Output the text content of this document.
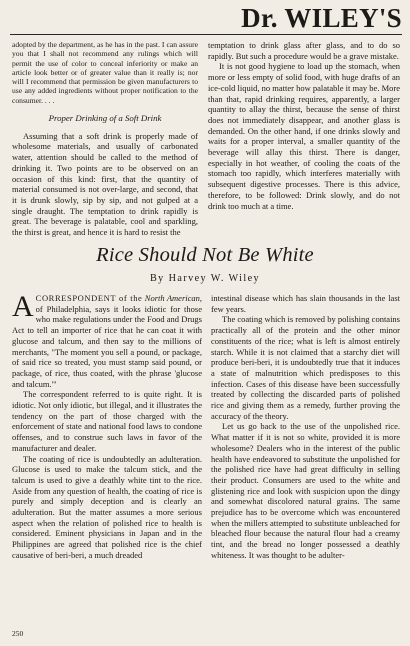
Dr. WILEY'S

adopted by the department, as he has in the past. I can assure you that I shall not recommend any rulings which will permit the use of color to conceal inferiority or make an article look better or of greater value than it really is; nor will I recommend that permission be given manufacturers to use any added ingredients without proper notification to the consumer. . . .

Proper Drinking of a Soft Drink

Assuming that a soft drink is properly made of wholesome materials, and usually of carbonated water, attention should be called to the method of drinking it. Two points are to be observed on an occasion of this kind: first, that the quantity of material consumed is not over-large, and second, that it is drunk slowly, sip by sip, and not gulped at a single draught. The temptation to drink rapidly is great. The beverage is palatable, cool and sparkling, the thirst is great, and hence it is hard to resist the

temptation to drink glass after glass, and to do so rapidly. But such a procedure would be a grave mistake.

It is not good hygiene to load up the stomach, when more or less empty of solid food, with huge drafts of an ice-cold liquid, no matter how palatable it may be. More than that, rapid drinking requires, apparently, a larger quantity to allay the thirst, because the sense of thirst does not immediately disappear, and another glass is demanded. On the other hand, if one drinks slowly and waits for a proper interval, a smaller quantity of the beverage will allay this thirst. There is danger, especially in hot weather, of cooling the coats of the stomach too rapidly, which interferes materially with subsequent digestive processes. There is this advice, therefore, to be followed: Drink slowly, and do not drink too much at a time.

Rice Should Not Be White
By Harvey W. Wiley

ACORRESPONDENT of the North American, of Philadelphia, says it looks idiotic for those who make regulations under the Food and Drugs Act to tell an importer of rice that he can coat it with glucose and talcum, and then say to the millions of merchants, "The moment you sell a pound, or package, of said rice so treated, you must stamp said pound, or package, of rice, thus coated, with the phrase 'glucose and talcum.'"

The correspondent referred to is quite right. It is idiotic. Not only idiotic, but illegal, and it illustrates the tendency on the part of those charged with the enforcement of state and national food laws to condone offenses, and to construe such laws in favor of the manufacturer and dealer.

The coating of rice is undoubtedly an adulteration. Glucose is used to make the talcum stick, and the talcum is used to give a deathly white tint to the rice. Aside from any question of health, the coating of rice is purely and simply deception and is clearly an adulteration. But the matter assumes a more serious aspect when the relation of polished rice to health is considered. Eminent physicians in Japan and in the Philippines are agreed that polished rice is the chief causative of beri-beri, a much dreaded

intestinal disease which has slain thousands in the last few years.

The coating which is removed by polishing contains practically all of the protein and the other minor constituents of the rice; what is left is almost entirely starch. While it is not claimed that a starchy diet will produce beri-beri, it is undoubtedly true that it induces a state of malnutrition which predisposes to this infection. Cases of this disease have been successfully treated by collecting the discarded parts of polished rice and giving them as a remedy, further proving the accuracy of the theory.

Let us go back to the use of the unpolished rice. What matter if it is not so white, provided it is more wholesome? Dealers who in the interest of the public health have endeavored to substitute the unpolished for the polished rice have had great difficulty in selling their product. Consumers are used to the white and glistening rice and look with suspicion upon the dingy and somewhat discolored natural grains. The same prejudice has to be overcome which was encountered when the millers attempted to substitute unbleached for bleached flour because the natural flour had a creamy tint, and the bread no longer possessed a deathly whiteness. It was thought to be adulter-

250
